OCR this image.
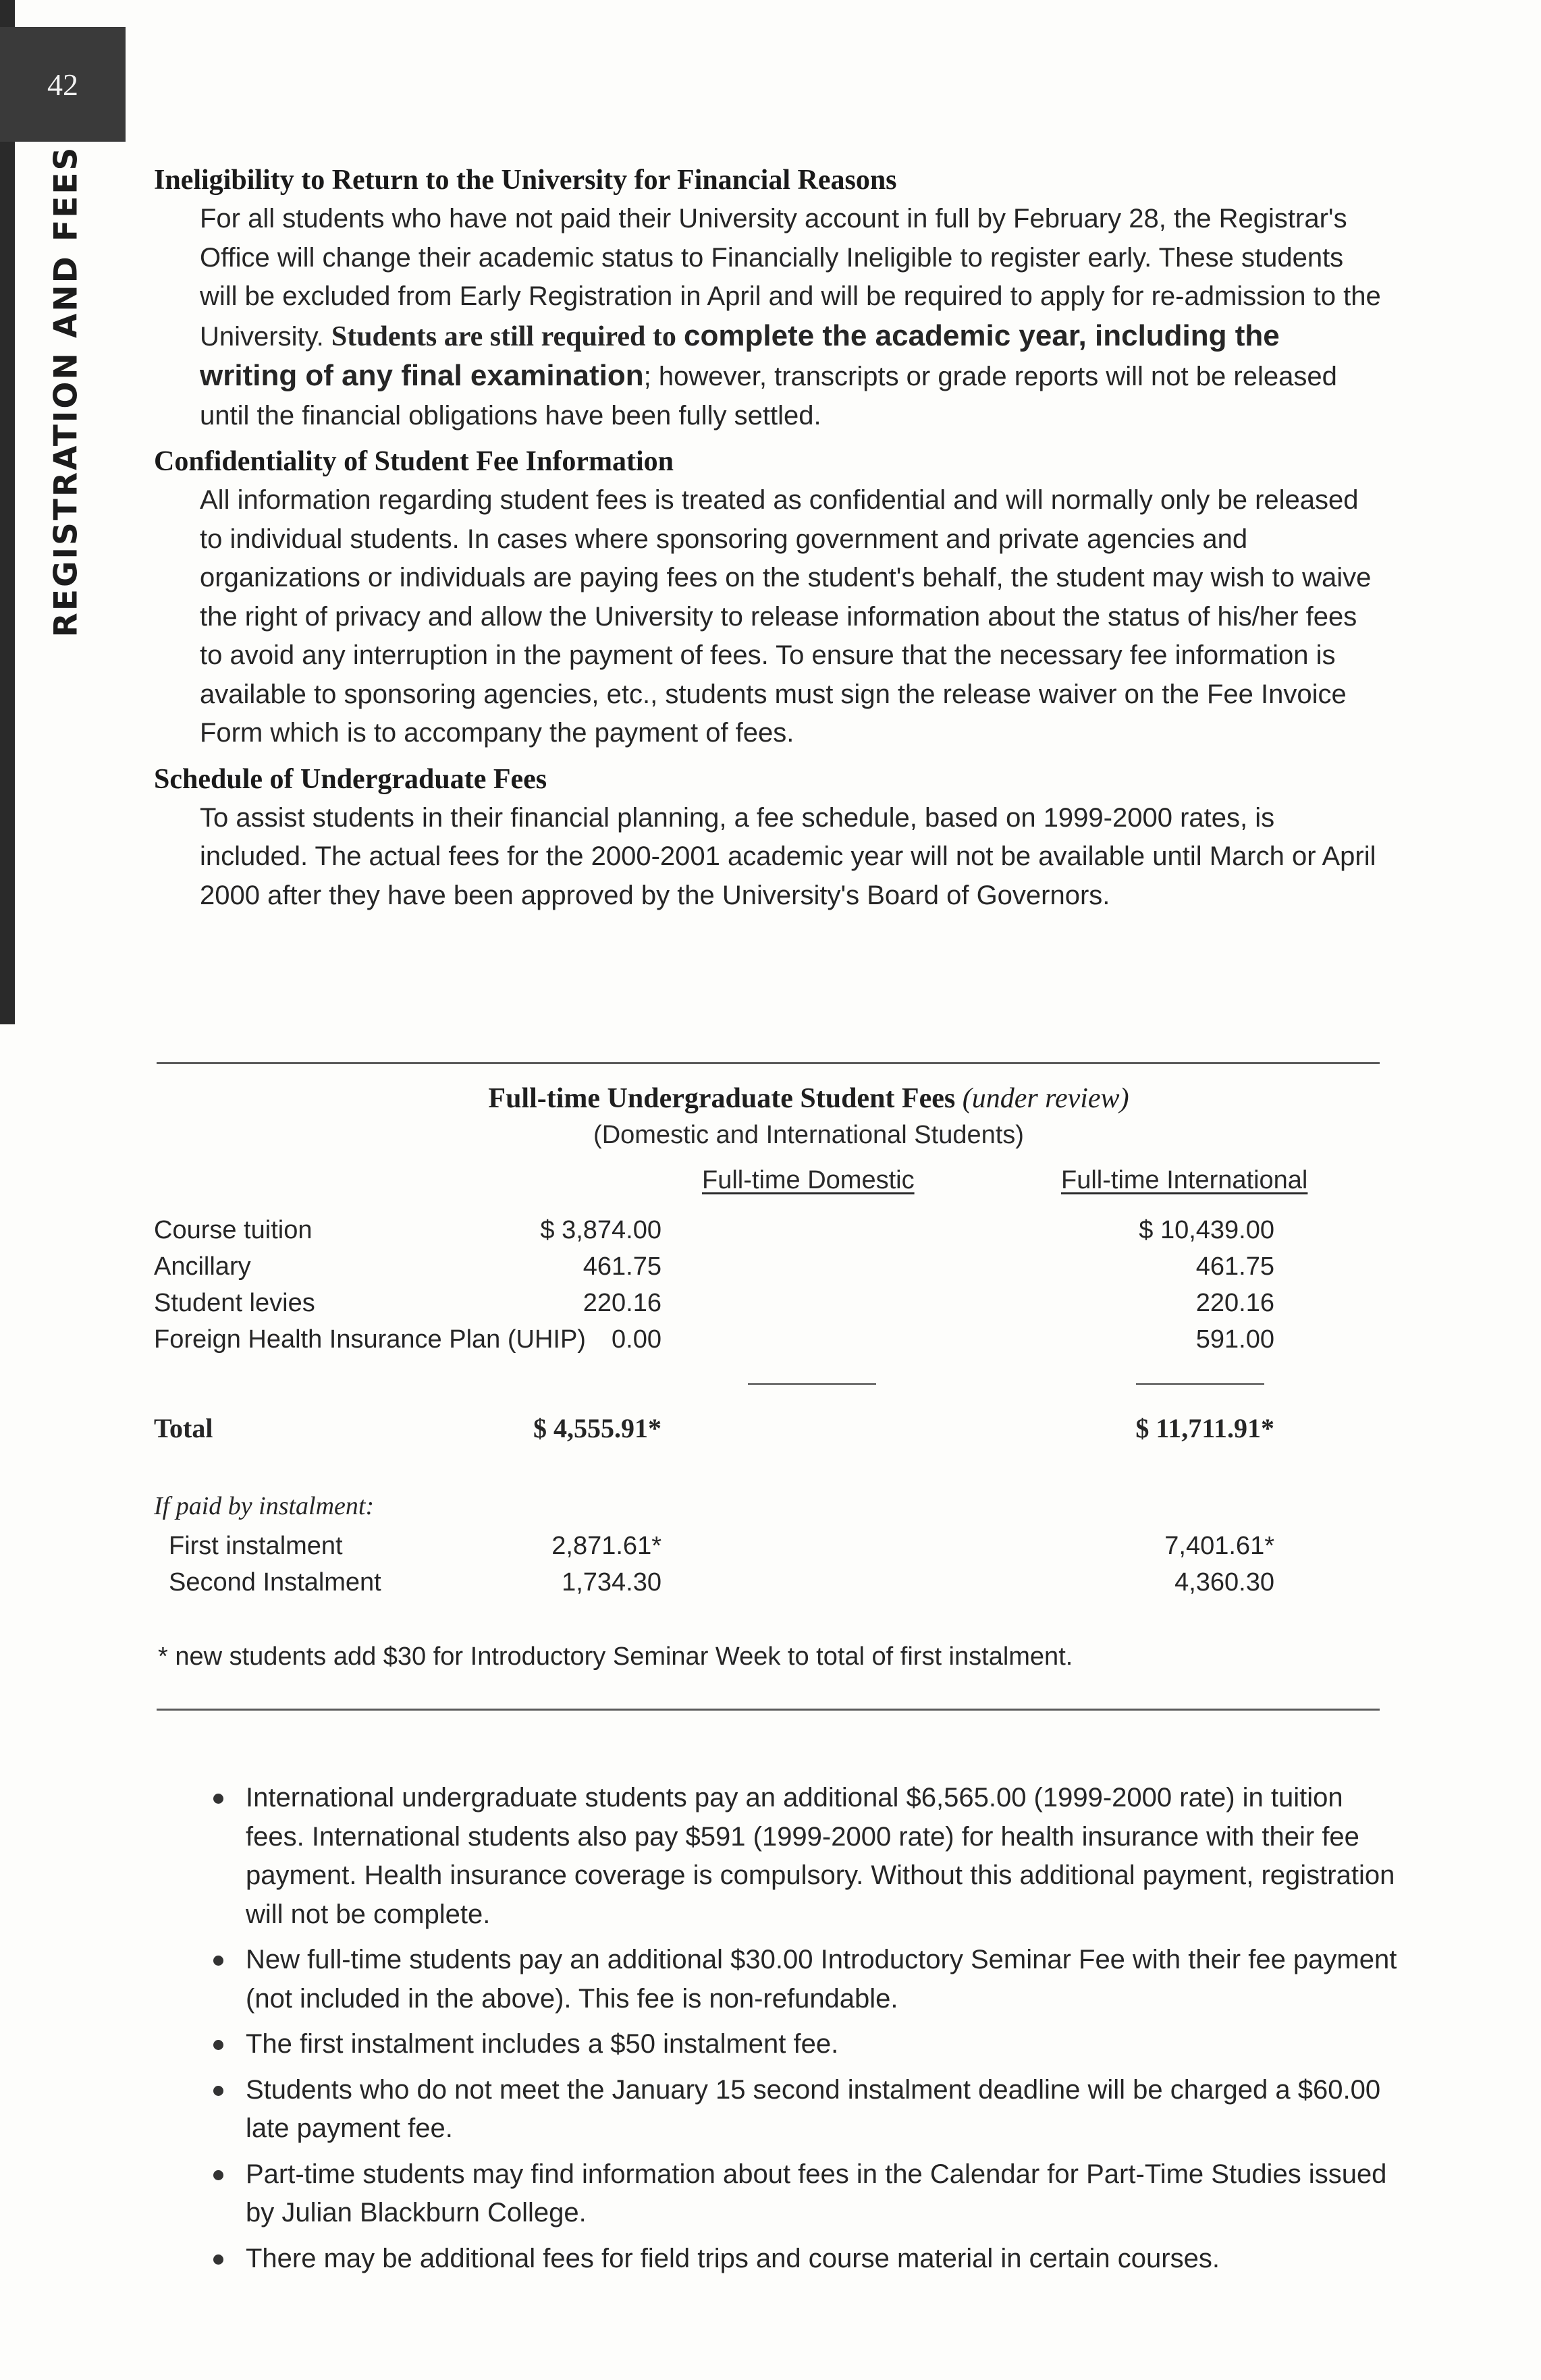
42
REGISTRATION AND FEES Ineligibility to Return to the University for Financial Reasons

For all students who have not paid their University account in full by February 28, the Registrar's Office will change their academic status to Financially Ineligible to register early. These students will be excluded from Early Registration in April and will be required to apply for re-admission to the University. Students are still required to complete the academic year, including the writing of any final examination; however, transcripts or grade reports will not be released until the financial obligations have been fully settled.

Confidentiality of Student Fee Information

All information regarding student fees is treated as confidential and will normally only be released to individual students. In cases where sponsoring government and private agencies and organizations or individuals are paying fees on the student's behalf, the student may wish to waive the right of privacy and allow the University to release information about the status of his/her fees to avoid any interruption in the payment of fees. To ensure that the necessary fee information is available to sponsoring agencies, etc., students must sign the release waiver on the Fee Invoice Form which is to accompany the payment of fees.

Schedule of Undergraduate Fees

To assist students in their financial planning, a fee schedule, based on 1999-2000 rates, is included. The actual fees for the 2000-2001 academic year will not be available until March or April 2000 after they have been approved by the University's Board of Governors.

Full-time Undergraduate Student Fees (under review)
(Domestic and International Students)
Full-time Domestic	Full-time International
Course tuition	$ 3,874.00	$ 10,439.00
Ancillary	461.75	461.75
Student levies	220.16	220.16
Foreign Health Insurance Plan (UHIP) 0.00	591.00
Total	$ 4,555.91*	$ 11,711.91*
If paid by instalment:
First instalment	2,871.61*	7,401.61*
Second Instalment	1,734.30	4,360.30
* new students add $30 for Introductory Seminar Week to total of first instalment.
International undergraduate students pay an additional $6,565.00 (1999-2000 rate) in tuition fees. International students also pay $591 (1999-2000 rate) for health insurance with their fee payment. Health insurance coverage is compulsory. Without this additional payment, registration will not be complete.
New full-time students pay an additional $30.00 Introductory Seminar Fee with their fee payment (not included in the above). This fee is non-refundable.
The first instalment includes a $50 instalment fee.
Students who do not meet the January 15 second instalment deadline will be charged a $60.00 late payment fee.
Part-time students may find information about fees in the Calendar for Part-Time Studies issued by Julian Blackburn College.
There may be additional fees for field trips and course material in certain courses.
